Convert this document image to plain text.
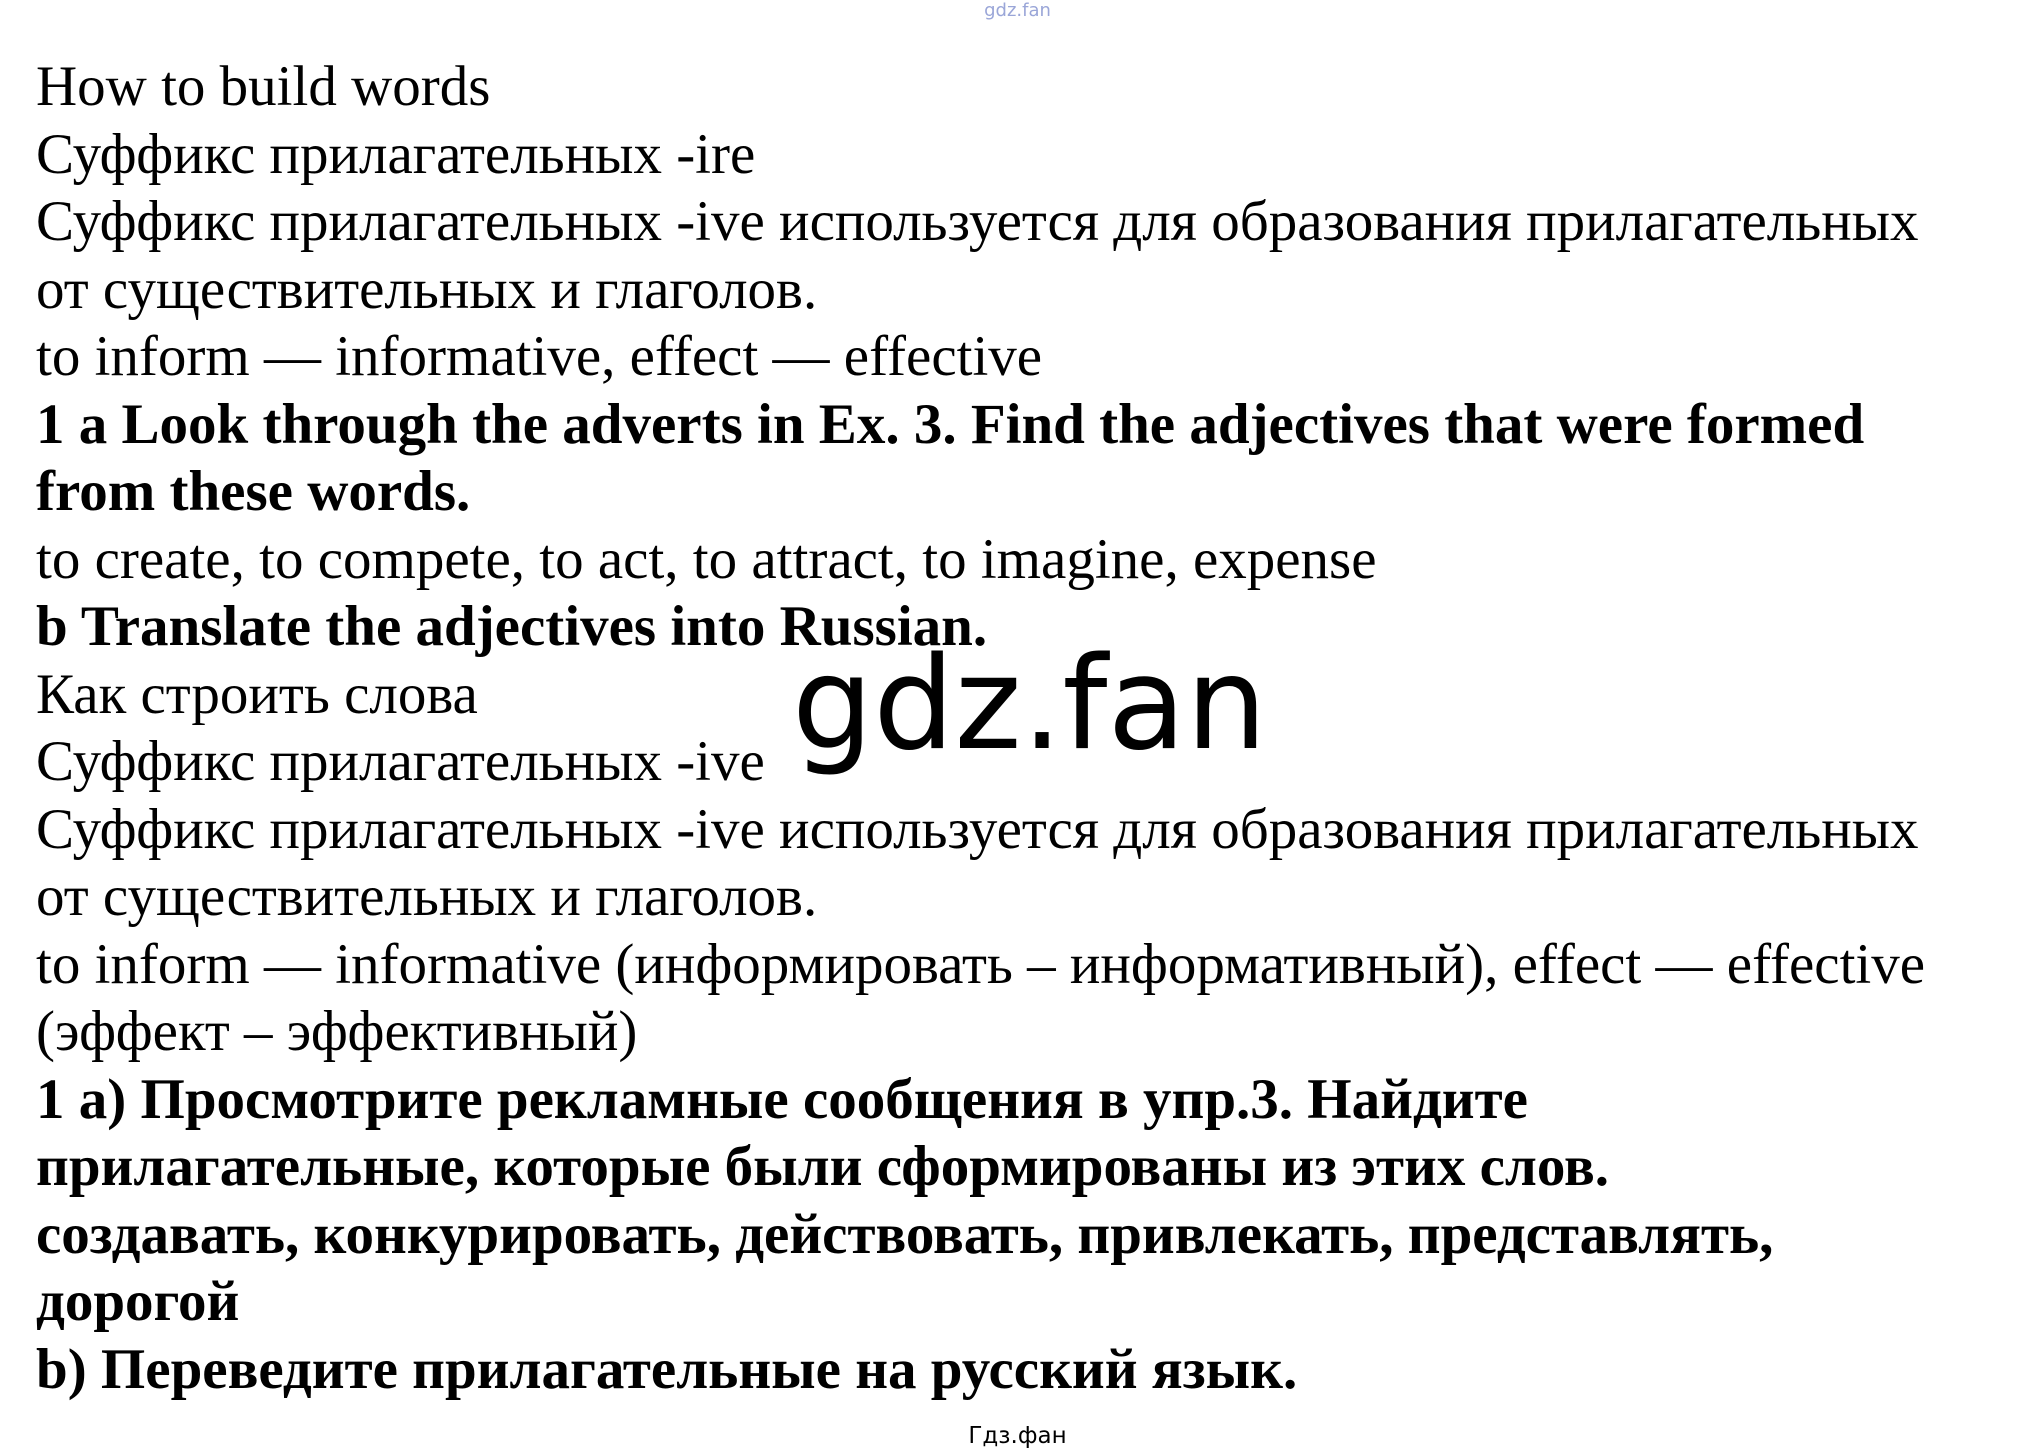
gdz.fan
How to build words
Суффикс прилагательных -ire
Суффикс прилагательных -ive используется для образования прилагательных
от существительных и глаголов.
to inform — informative, effect — effective
1 a Look through the adverts in Ex. 3. Find the adjectives that were formed
from these words.
to create, to compete, to act, to attract, to imagine, expense
b Translate the adjectives into Russian.
Как строить слова
Суффикс прилагательных -ive
Суффикс прилагательных -ive используется для образования прилагательных
от существительных и глаголов.
to inform — informative (информировать – информативный), effect — effective
(эффект – эффективный)
1 а) Просмотрите рекламные сообщения в упр.3. Найдите
прилагательные, которые были сформированы из этих слов.
создавать, конкурировать, действовать, привлекать, представлять,
дорогой
b) Переведите прилагательные на русский язык.
gdz.fan
Гдз.фан
